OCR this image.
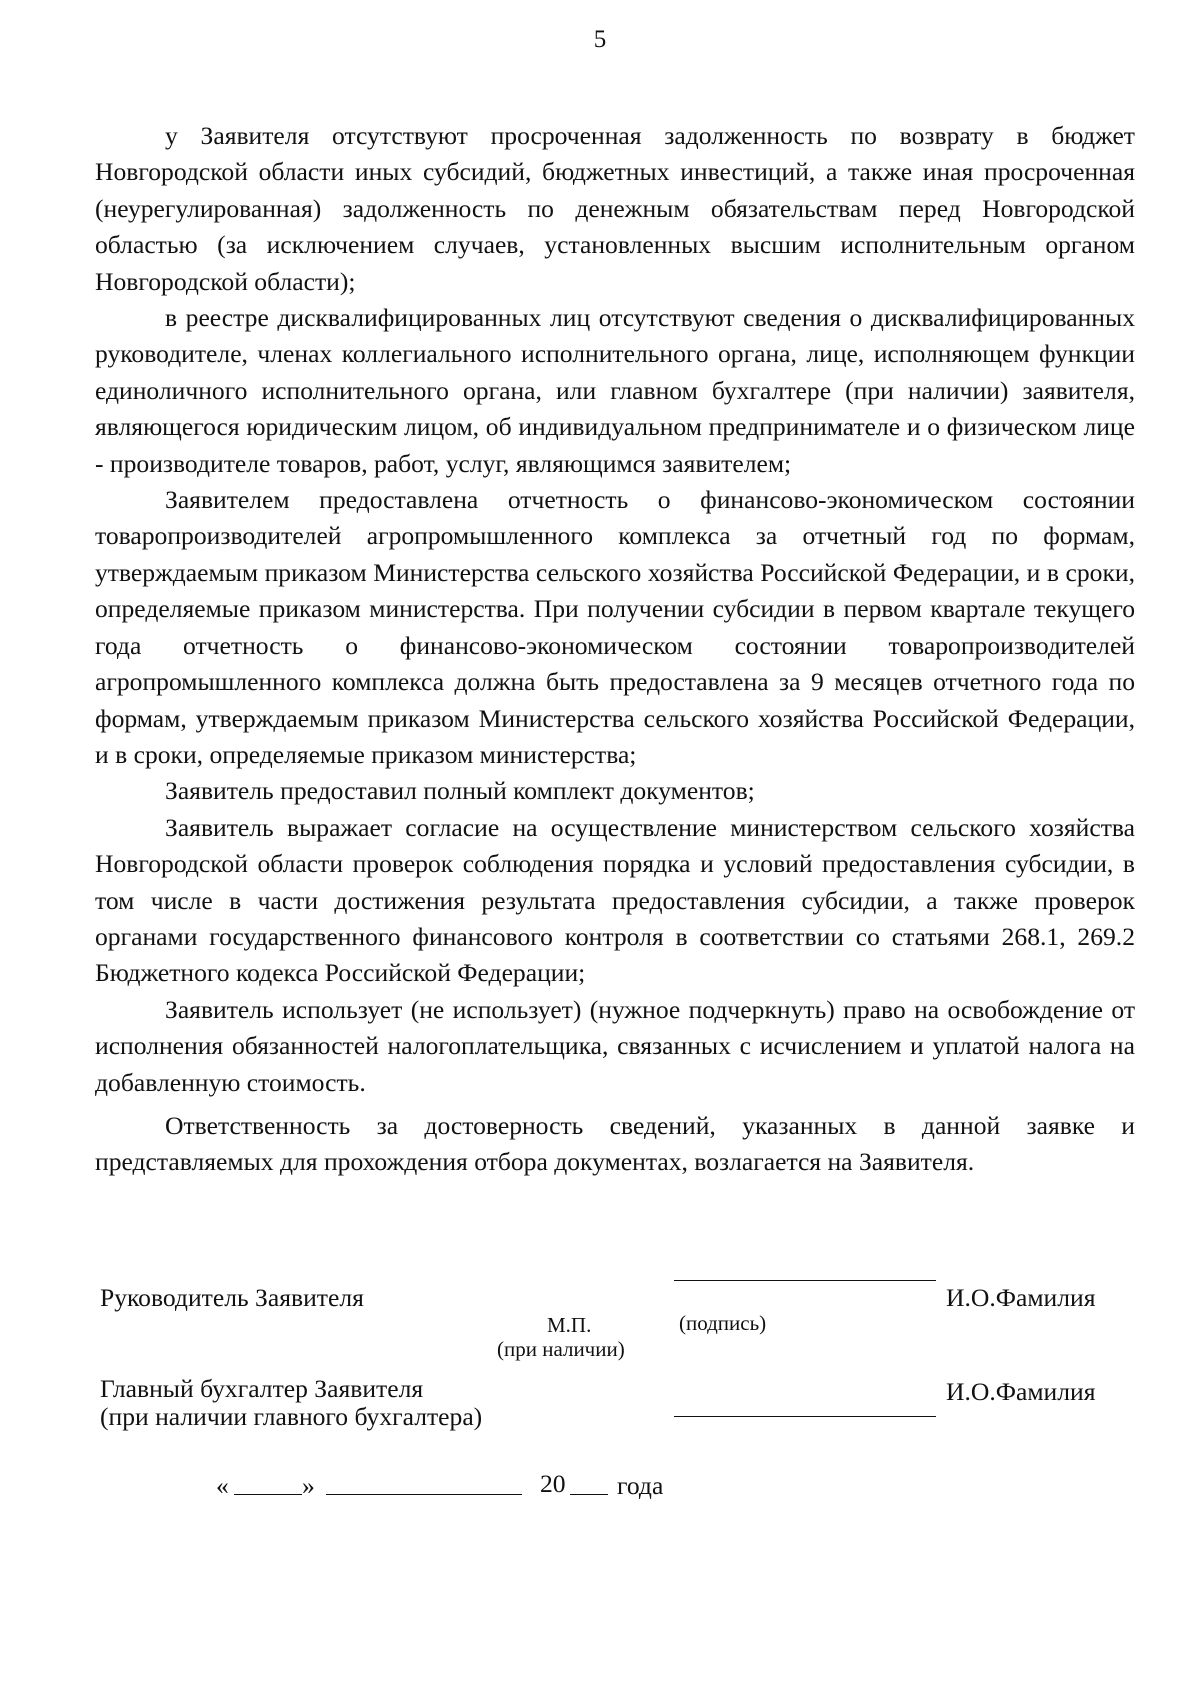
5

у Заявителя отсутствуют просроченная задолженность по возврату в бюджет Новгородской области иных субсидий, бюджетных инвестиций, а также иная просроченная (неурегулированная) задолженность по денежным обязательствам перед Новгородской областью (за исключением случаев, установленных высшим исполнительным органом Новгородской области);

в реестре дисквалифицированных лиц отсутствуют сведения о дисквалифицированных руководителе, членах коллегиального исполнительного органа, лице, исполняющем функции единоличного исполнительного органа, или главном бухгалтере (при наличии) заявителя, являющегося юридическим лицом, об индивидуальном предпринимателе и о физическом лице - производителе товаров, работ, услуг, являющимся заявителем;

Заявителем предоставлена отчетность о финансово-экономическом состоянии товаропроизводителей агропромышленного комплекса за отчетный год по формам, утверждаемым приказом Министерства сельского хозяйства Российской Федерации, и в сроки, определяемые приказом министерства. При получении субсидии в первом квартале текущего года отчетность о финансово-экономическом состоянии товаропроизводителей агропромышленного комплекса должна быть предоставлена за 9 месяцев отчетного года по формам, утверждаемым приказом Министерства сельского хозяйства Российской Федерации, и в сроки, определяемые приказом министерства;

Заявитель предоставил полный комплект документов;

Заявитель выражает согласие на осуществление министерством сельского хозяйства Новгородской области проверок соблюдения порядка и условий предоставления субсидии, в том числе в части достижения результата предоставления субсидии, а также проверок органами государственного финансового контроля в соответствии со статьями 268.1, 269.2 Бюджетного кодекса Российской Федерации;

Заявитель использует (не использует) (нужное подчеркнуть) право на освобождение от исполнения обязанностей налогоплательщика, связанных с исчислением и уплатой налога на добавленную стоимость.

Ответственность за достоверность сведений, указанных в данной заявке и представляемых для прохождения отбора документах, возлагается на Заявителя.

Руководитель Заявителя	И.О.Фамилия
М.П.	(подпись)
(при наличии)
Главный бухгалтер Заявителя
(при наличии главного бухгалтера)
И.О.Фамилия
«	»	20 года
